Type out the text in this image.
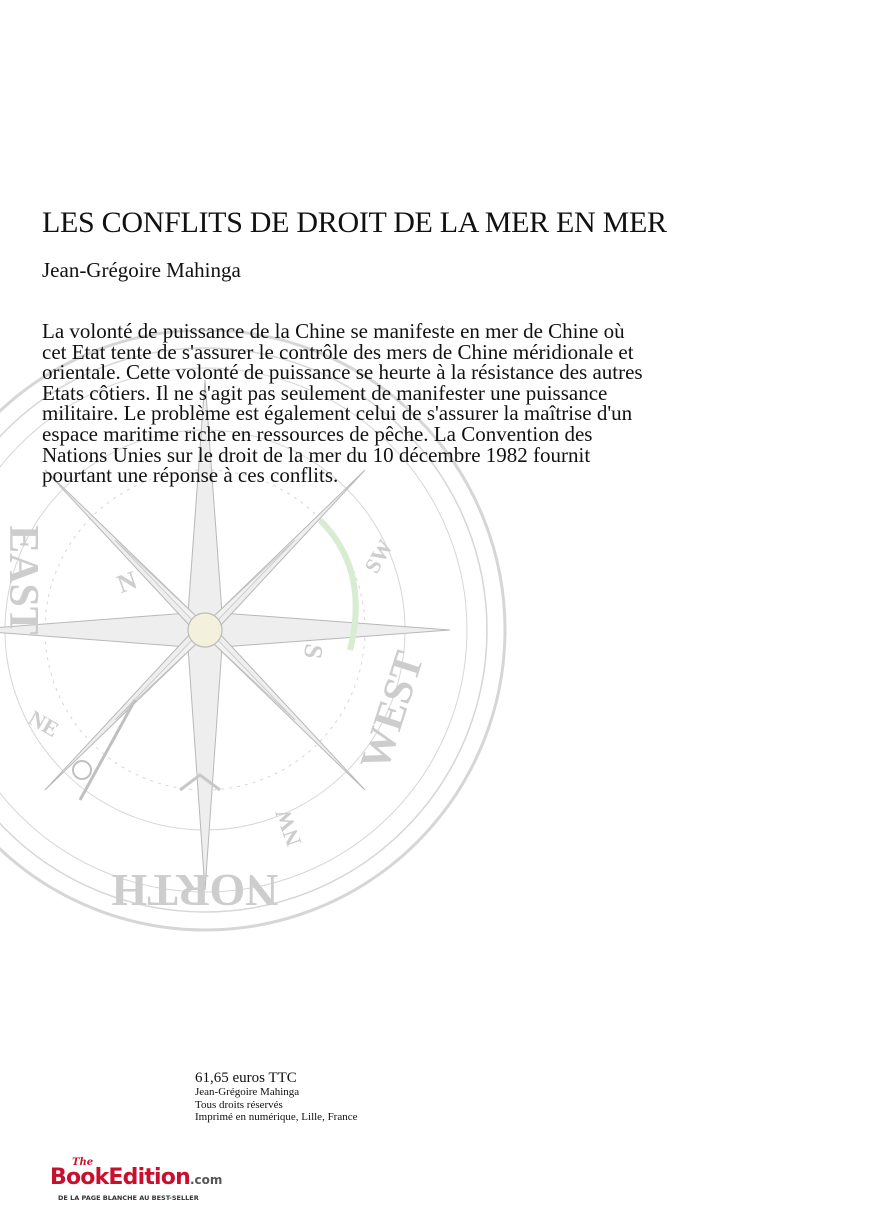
NORTH
WEST
EAST	N
S
SW
NW
NE
LES CONFLITS DE DROIT DE LA MER EN MER
Jean-Grégoire Mahinga

La volonté de puissance de la Chine se manifeste en mer de Chine où cet Etat tente de s'assurer le contrôle des mers de Chine méridionale et orientale. Cette volonté de puissance se heurte à la résistance des autres Etats côtiers. Il ne s'agit pas seulement de manifester une puissance militaire. Le problème est également celui de s'assurer la maîtrise d'un espace maritime riche en ressources de pêche. La Convention des Nations Unies sur le droit de la mer du 10 décembre 1982 fournit pourtant une réponse à ces conflits.

61,65 euros TTC
Jean-Grégoire Mahinga
Tous droits réservés
Imprimé en numérique, Lille, France
The
BookEdition.com
DE LA PAGE BLANCHE AU BEST-SELLER
